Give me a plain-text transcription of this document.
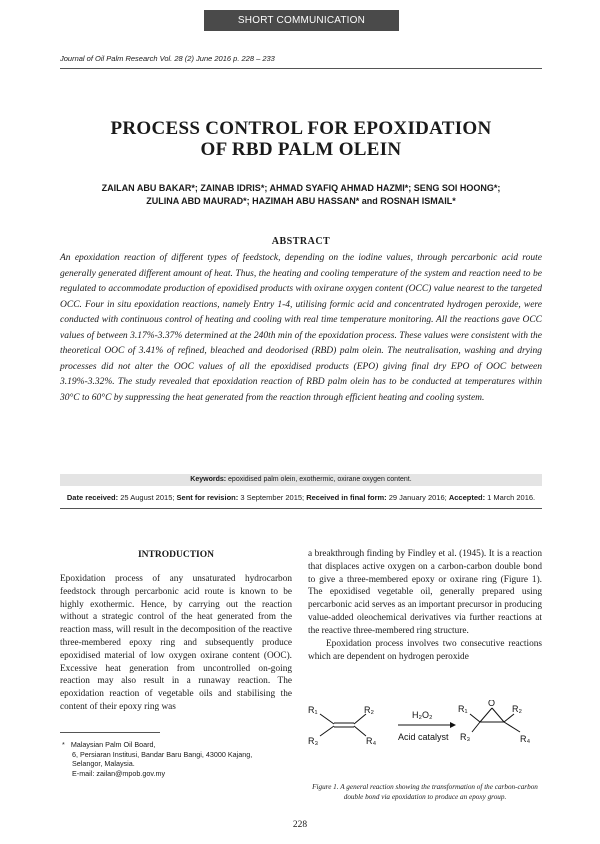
SHORT COMMUNICATION
Journal of Oil Palm Research Vol. 28 (2) June 2016 p. 228 – 233
PROCESS CONTROL FOR EPOXIDATION
OF RBD PALM OLEIN
ZAILAN ABU BAKAR*; ZAINAB IDRIS*; AHMAD SYAFIQ AHMAD HAZMI*; SENG SOI HOONG*;
ZULINA ABD MAURAD*; HAZIMAH ABU HASSAN* and ROSNAH ISMAIL*
ABSTRACT

An epoxidation reaction of different types of feedstock, depending on the iodine values, through percarbonic acid route generally generated different amount of heat. Thus, the heating and cooling temperature of the system and reaction need to be regulated to accommodate production of epoxidised products with oxirane oxygen content (OCC) value nearest to the targeted OCC. Four in situ epoxidation reactions, namely Entry 1-4, utilising formic acid and concentrated hydrogen peroxide, were conducted with continuous control of heating and cooling with real time temperature monitoring. All the reactions gave OCC values of between 3.17%-3.37% determined at the 240th min of the epoxidation process. These values were consistent with the theoretical OOC of 3.41% of refined, bleached and deodorised (RBD) palm olein. The neutralisation, washing and drying processes did not alter the OOC values of all the epoxidised products (EPO) giving final dry EPO of OOC between 3.19%-3.32%. The study revealed that epoxidation reaction of RBD palm olein has to be conducted at temperatures within 30°C to 60°C by suppressing the heat generated from the reaction through efficient heating and cooling system.

Keywords: epoxidised palm olein, exothermic, oxirane oxygen content.
Date received: 25 August 2015; Sent for revision: 3 September 2015; Received in final form: 29 January 2016; Accepted: 1 March 2016.
INTRODUCTION

Epoxidation process of any unsaturated hydrocarbon feedstock through percarbonic acid route is known to be highly exothermic. Hence, by carrying out the reaction without a strategic control of the heat generated from the reaction mass, will result in the decomposition of the reactive three-membered epoxy ring and subsequently produce epoxidised material of low oxygen oxirane content (OOC). Excessive heat generation from uncontrolled on-going reaction may also result in a runaway reaction. The epoxidation reaction of vegetable oils and stabilising the content of their epoxy ring was

a breakthrough finding by Findley et al. (1945). It is a reaction that displaces active oxygen on a carbon-carbon double bond to give a three-membered epoxy or oxirane ring (Figure 1). The epoxidised vegetable oil, generally prepared using percarbonic acid serves as an important precursor in producing value-added oleochemical derivatives via further reactions at the reactive three-membered ring structure.

Epoxidation process involves two consecutive reactions which are dependent on hydrogen peroxide

* Malaysian Palm Oil Board,
6, Persiaran Institusi, Bandar Baru Bangi, 43000 Kajang,
Selangor, Malaysia.
E-mail: zailan@mpob.gov.my
R₁	R₂
R₃	R₄
H₂O₂
Acid catalyst
O
R₁	R₂
R₃	R₄
Figure 1. A general reaction showing the transformation of the carbon-carbon double bond via epoxidation to produce an epoxy group.
228
